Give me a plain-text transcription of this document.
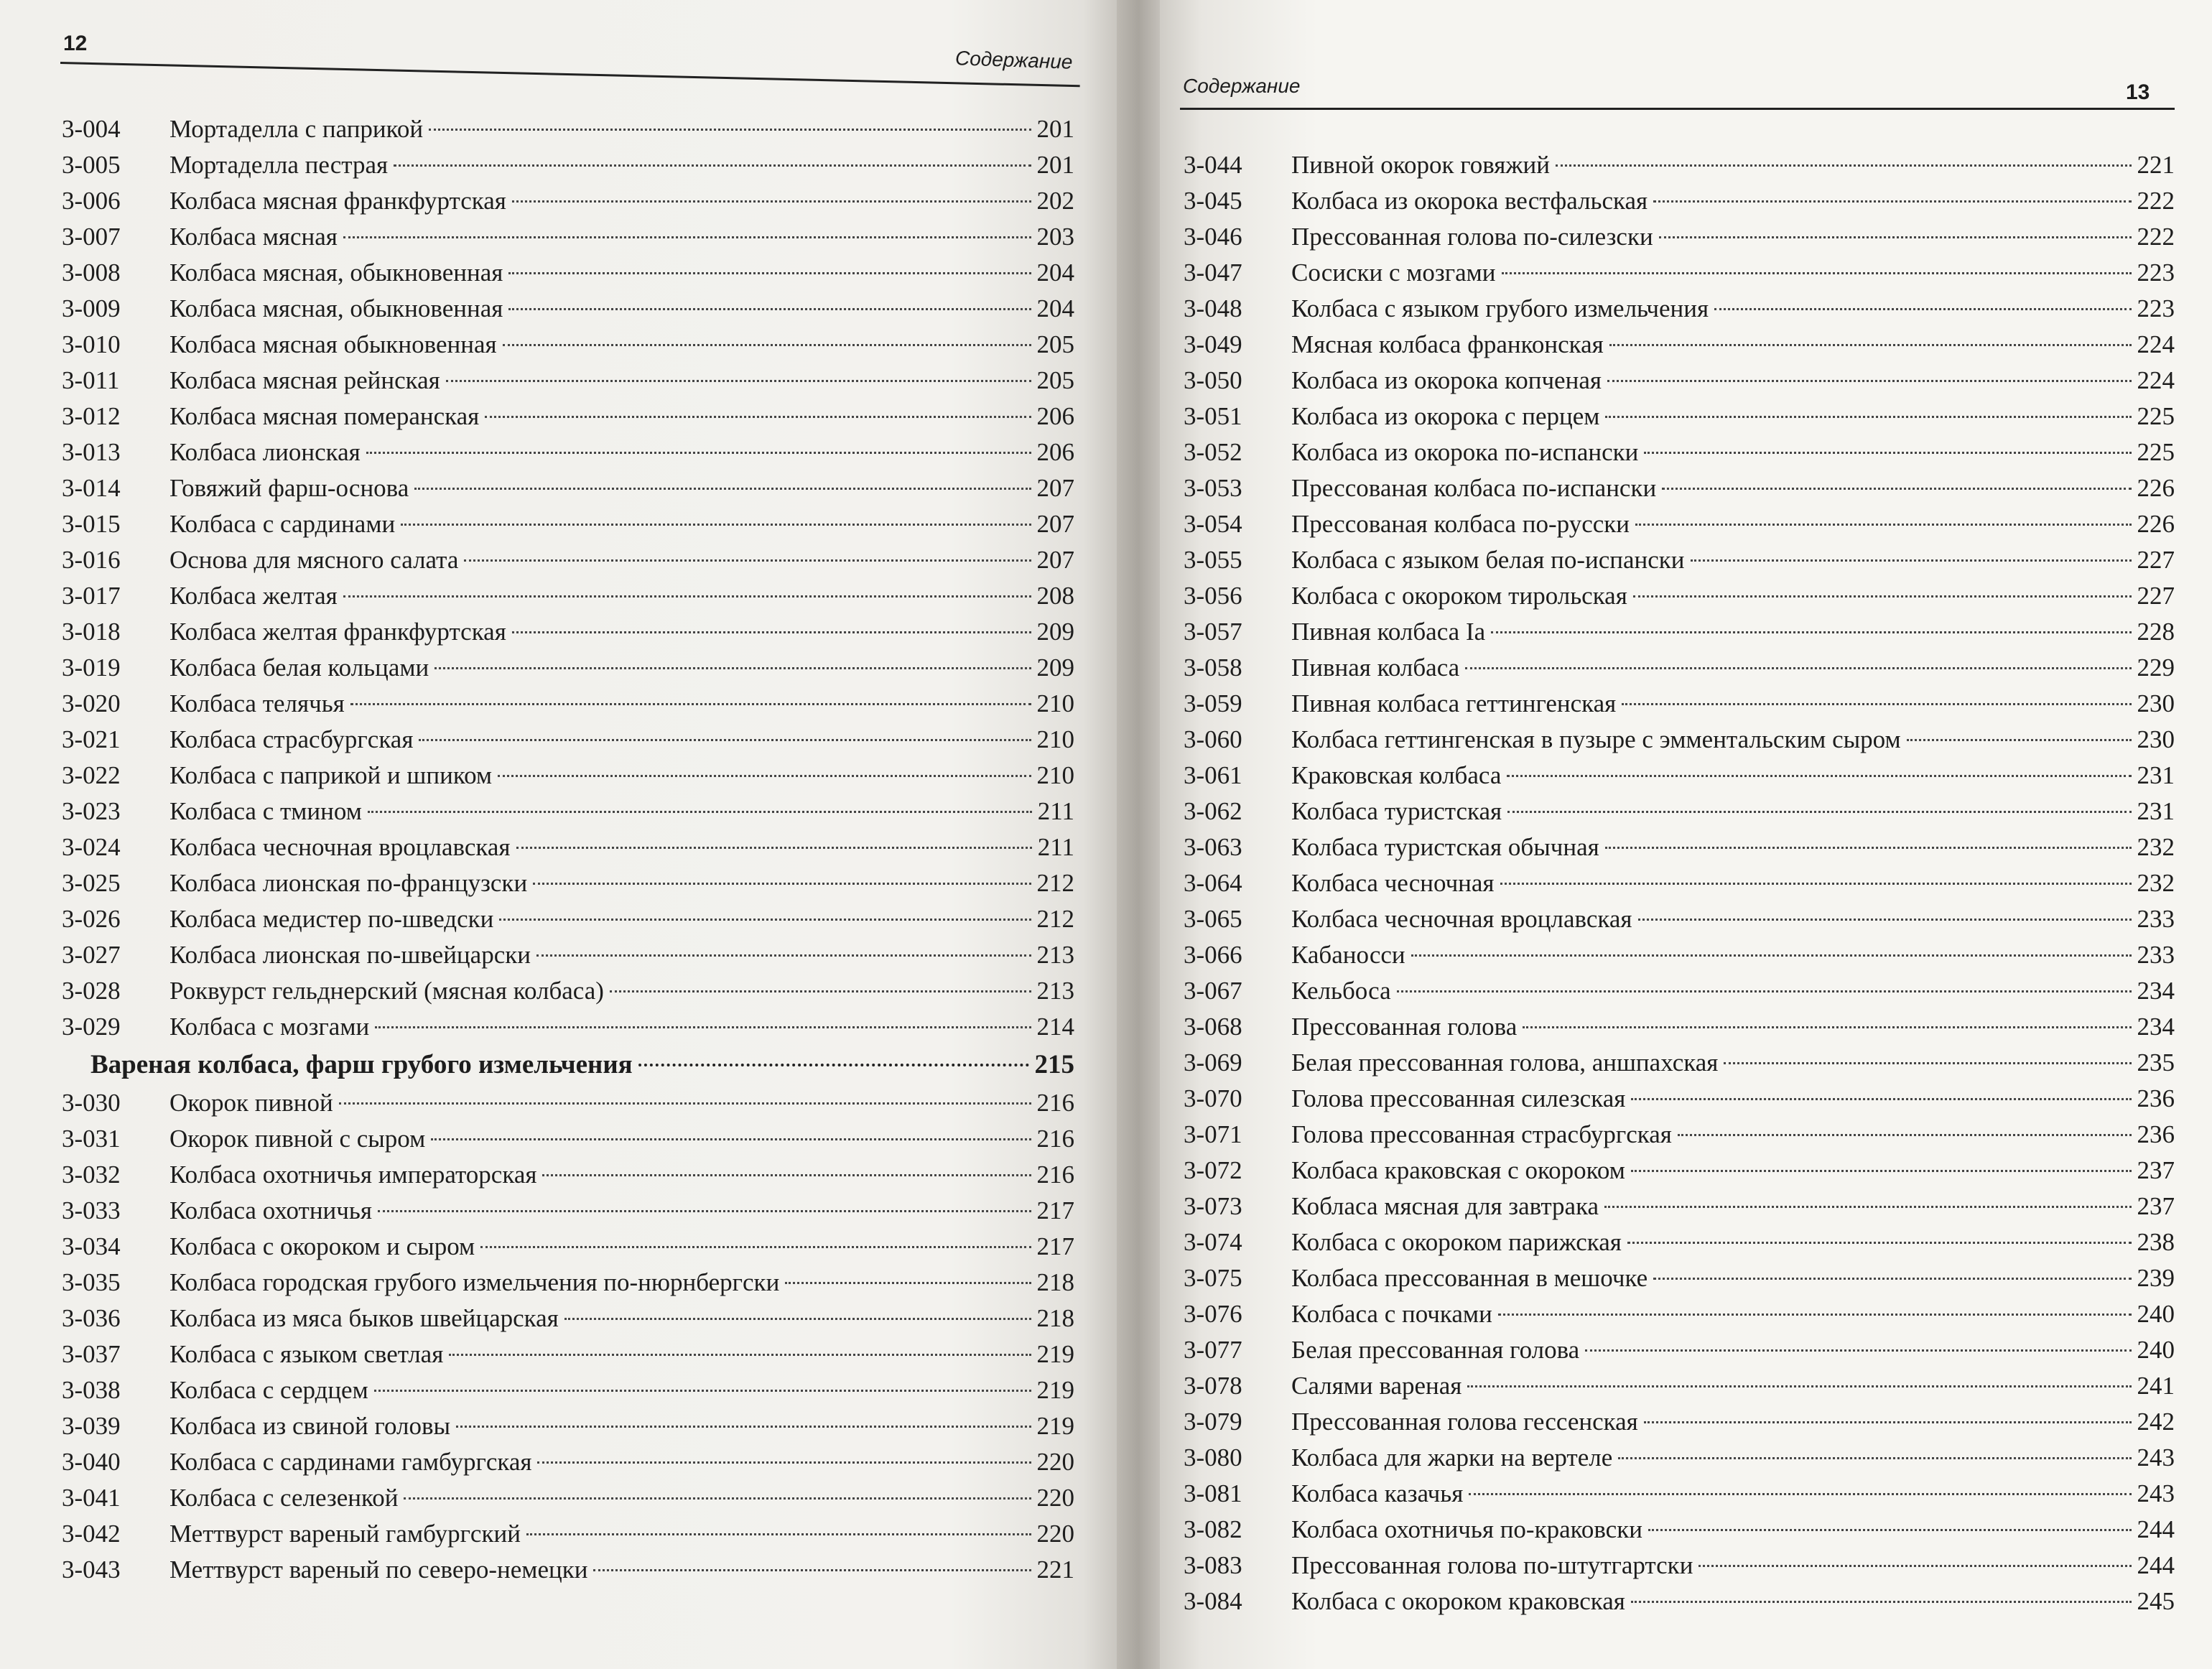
12
Содержание
3-004	Мортаделла с паприкой	201
3-005	Мортаделла пестрая	201
3-006	Колбаса мясная франкфуртская	202
3-007	Колбаса мясная	203
3-008	Колбаса мясная, обыкновенная	204
3-009	Колбаса мясная, обыкновенная	204
3-010	Колбаса мясная обыкновенная	205
3-011	Колбаса мясная рейнская	205
3-012	Колбаса мясная померанская	206
3-013	Колбаса лионская	206
3-014	Говяжий фарш-основа	207
3-015	Колбаса с сардинами	207
3-016	Основа для мясного салата	207
3-017	Колбаса желтая	208
3-018	Колбаса желтая франкфуртская	209
3-019	Колбаса белая кольцами	209
3-020	Колбаса телячья	210
3-021	Колбаса страсбургская	210
3-022	Колбаса с паприкой и шпиком	210
3-023	Колбаса с тмином	211
3-024	Колбаса чесночная вроцлавская	211
3-025	Колбаса лионская по-французски	212
3-026	Колбаса медистер по-шведски	212
3-027	Колбаса лионская по-швейцарски	213
3-028	Роквурст гельднерский (мясная колбаса)	213
3-029	Колбаса с мозгами	214
Вареная колбаса, фарш грубого измельчения	215
3-030	Окорок пивной	216
3-031	Окорок пивной с сыром	216
3-032	Колбаса охотничья императорская	216
3-033	Колбаса охотничья	217
3-034	Колбаса с окороком и сыром	217
3-035	Колбаса городская грубого измельчения по-нюрнбергски	218
3-036	Колбаса из мяса быков швейцарская	218
3-037	Колбаса с языком светлая	219
3-038	Колбаса с сердцем	219
3-039	Колбаса из свиной головы	219
3-040	Колбаса с сардинами гамбургская	220
3-041	Колбаса с селезенкой	220
3-042	Меттвурст вареный гамбургский	220
3-043	Меттвурст вареный по северо-немецки	221
Содержание	13
3-044	Пивной окорок говяжий	221
3-045	Колбаса из окорока вестфальская	222
3-046	Прессованная голова по-силезски	222
3-047	Сосиски с мозгами	223
3-048	Колбаса с языком грубого измельчения	223
3-049	Мясная колбаса франконская	224
3-050	Колбаса из окорока копченая	224
3-051	Колбаса из окорока с перцем	225
3-052	Колбаса из окорока по-испански	225
3-053	Прессованая колбаса по-испански	226
3-054	Прессованая колбаса по-русски	226
3-055	Колбаса с языком белая по-испански	227
3-056	Колбаса с окороком тирольская	227
3-057	Пивная колбаса Ia	228
3-058	Пивная колбаса	229
3-059	Пивная колбаса геттингенская	230
3-060	Колбаса геттингенская в пузыре с эмментальским сыром	230
3-061	Краковская колбаса	231
3-062	Колбаса туристская	231
3-063	Колбаса туристская обычная	232
3-064	Колбаса чесночная	232
3-065	Колбаса чесночная вроцлавская	233
3-066	Кабаносси	233
3-067	Кельбоса	234
3-068	Прессованная голова	234
3-069	Белая прессованная голова, аншпахская	235
3-070	Голова прессованная силезская	236
3-071	Голова прессованная страсбургская	236
3-072	Колбаса краковская с окороком	237
3-073	Кобласа мясная для завтрака	237
3-074	Колбаса с окороком парижская	238
3-075	Колбаса прессованная в мешочке	239
3-076	Колбаса с почками	240
3-077	Белая прессованная голова	240
3-078	Салями вареная	241
3-079	Прессованная голова гессенская	242
3-080	Колбаса для жарки на вертеле	243
3-081	Колбаса казачья	243
3-082	Колбаса охотничья по-краковски	244
3-083	Прессованная голова по-штутгартски	244
3-084	Колбаса с окороком краковская	245
